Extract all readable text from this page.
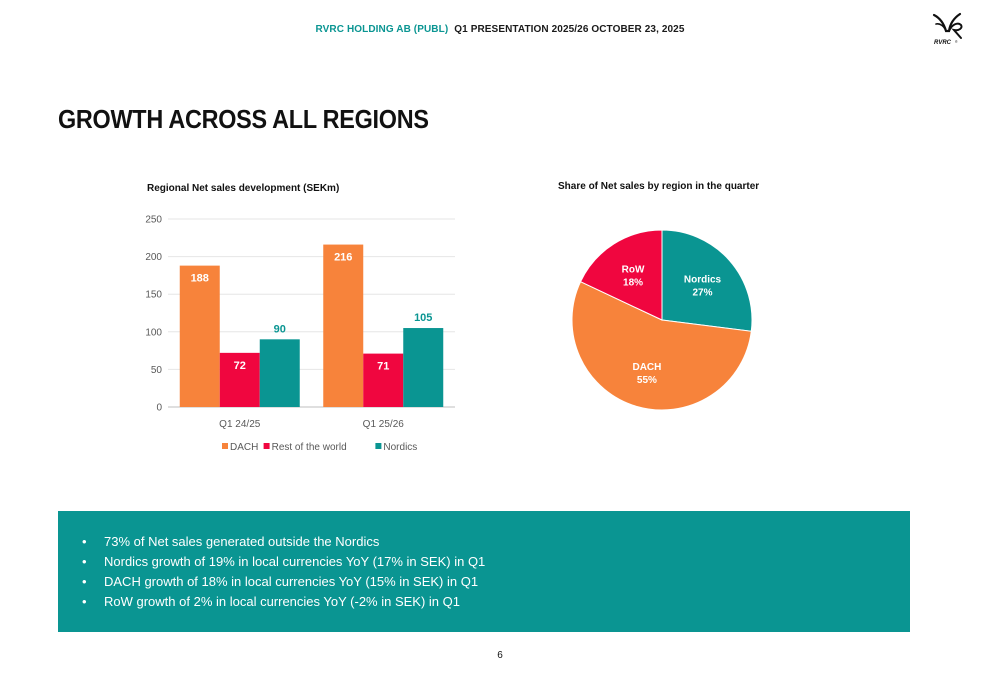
RVRC HOLDING AB (PUBL) Q1 PRESENTATION 2025/26 OCTOBER 23, 2025
RVRC ®
GROWTH ACROSS ALL REGIONS
Regional Net sales development (SEKm)	Share of Net sales by region in the quarter
0
50
100
150
200
250
188
72
90
Q1 24/25
216
71
105
Q1 25/26
DACH Rest of the world	Nordics
Nordics
27%
DACH
55%
RoW
18%
• 73% of Net sales generated outside the Nordics
• Nordics growth of 19% in local currencies YoY (17% in SEK) in Q1
• DACH growth of 18% in local currencies YoY (15% in SEK) in Q1
• RoW growth of 2% in local currencies YoY (-2% in SEK) in Q1
6
